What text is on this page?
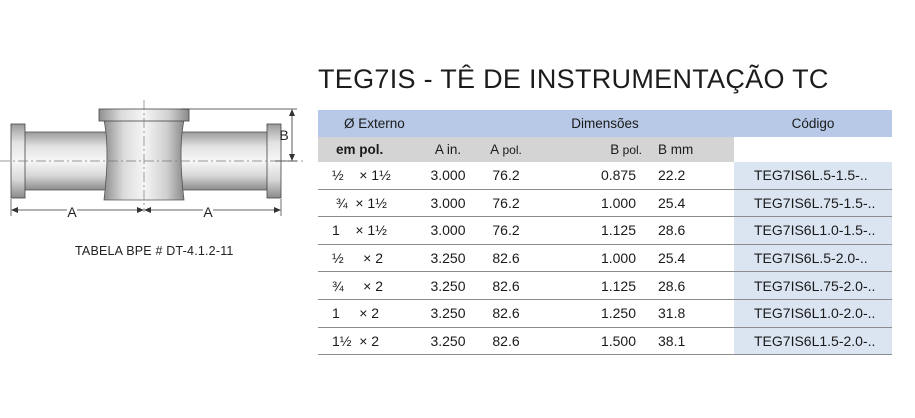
A	A
B
TABELA BPE # DT-4.1.2-11
TEG7IS - TÊ DE INSTRUMENTAÇÃO TC
Ø Externo		Dimensões			Código
em pol.	A in.	A pol.	B pol.	B mm	
½    × 1½	3.000	76.2	0.875	22.2	TEG7IS6L.5-1.5-..
¾  × 1½	3.000	76.2	1.000	25.4	TEG7IS6L.75-1.5-..
1    × 1½	3.000	76.2	1.125	28.6	TEG7IS6L1.0-1.5-..
½     × 2	3.250	82.6	1.000	25.4	TEG7IS6L.5-2.0-..
¾     × 2	3.250	82.6	1.125	28.6	TEG7IS6L.75-2.0-..
1     × 2	3.250	82.6	1.250	31.8	TEG7IS6L1.0-2.0-..
1½  × 2	3.250	82.6	1.500	38.1	TEG7IS6L1.5-2.0-..
